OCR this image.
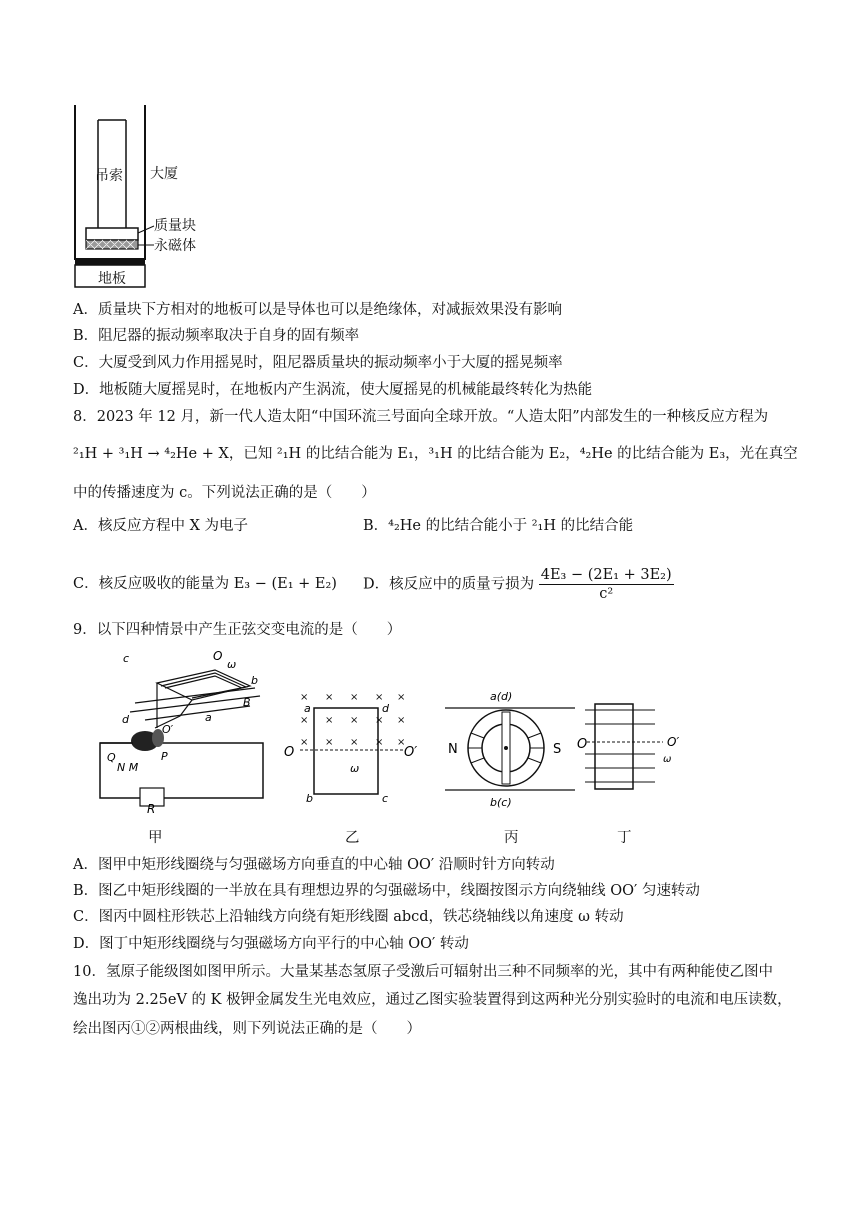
吊索 大厦
质量块
永磁体
地板
A．质量块下方相对的地板可以是导体也可以是绝缘体，对减振效果没有影响
B．阻尼器的振动频率取决于自身的固有频率
C．大厦受到风力作用摇晃时，阻尼器质量块的振动频率小于大厦的摇晃频率
D．地板随大厦摇晃时，在地板内产生涡流，使大厦摇晃的机械能最终转化为热能
8．2023 年 12 月，新一代人造太阳“中国环流三号面向全球开放。“人造太阳”内部发生的一种核反应方程为
²₁H + ³₁H → ⁴₂He + X，已知 ²₁H 的比结合能为 E₁，³₁H 的比结合能为 E₂，⁴₂He 的比结合能为 E₃，光在真空
中的传播速度为 c。下列说法正确的是（　　）
A．核反应方程中 X 为电子	B．⁴₂He 的比结合能小于 ²₁H 的比结合能
C．核反应吸收的能量为 E₃ − (E₁ + E₂) D．核反应中的质量亏损为 $\frac{\text{4E₃ − (2E₁ + 3E₂)}}{\text{c²}}$
9．以下四种情景中产生正弦交变电流的是（　　）
R
c	O
ω
b
B
a
d
O′
Q
N M
P
× × × × ×
× × × × ×
× × × × ×
O	O′
a	d
b	c
ω
N	S
a(d)
b(c)
O	O′
ω
甲	乙	丙	丁
A．图甲中矩形线圈绕与匀强磁场方向垂直的中心轴 OO′ 沿顺时针方向转动
B．图乙中矩形线圈的一半放在具有理想边界的匀强磁场中，线圈按图示方向绕轴线 OO′ 匀速转动
C．图丙中圆柱形铁芯上沿轴线方向绕有矩形线圈 abcd，铁芯绕轴线以角速度 ω 转动
D．图丁中矩形线圈绕与匀强磁场方向平行的中心轴 OO′ 转动
10．氢原子能级图如图甲所示。大量某基态氢原子受激后可辐射出三种不同频率的光，其中有两种能使乙图中
逸出功为 2.25eV 的 K 极钾金属发生光电效应，通过乙图实验装置得到这两种光分别实验时的电流和电压读数，
绘出图丙①②两根曲线，则下列说法正确的是（　　）
